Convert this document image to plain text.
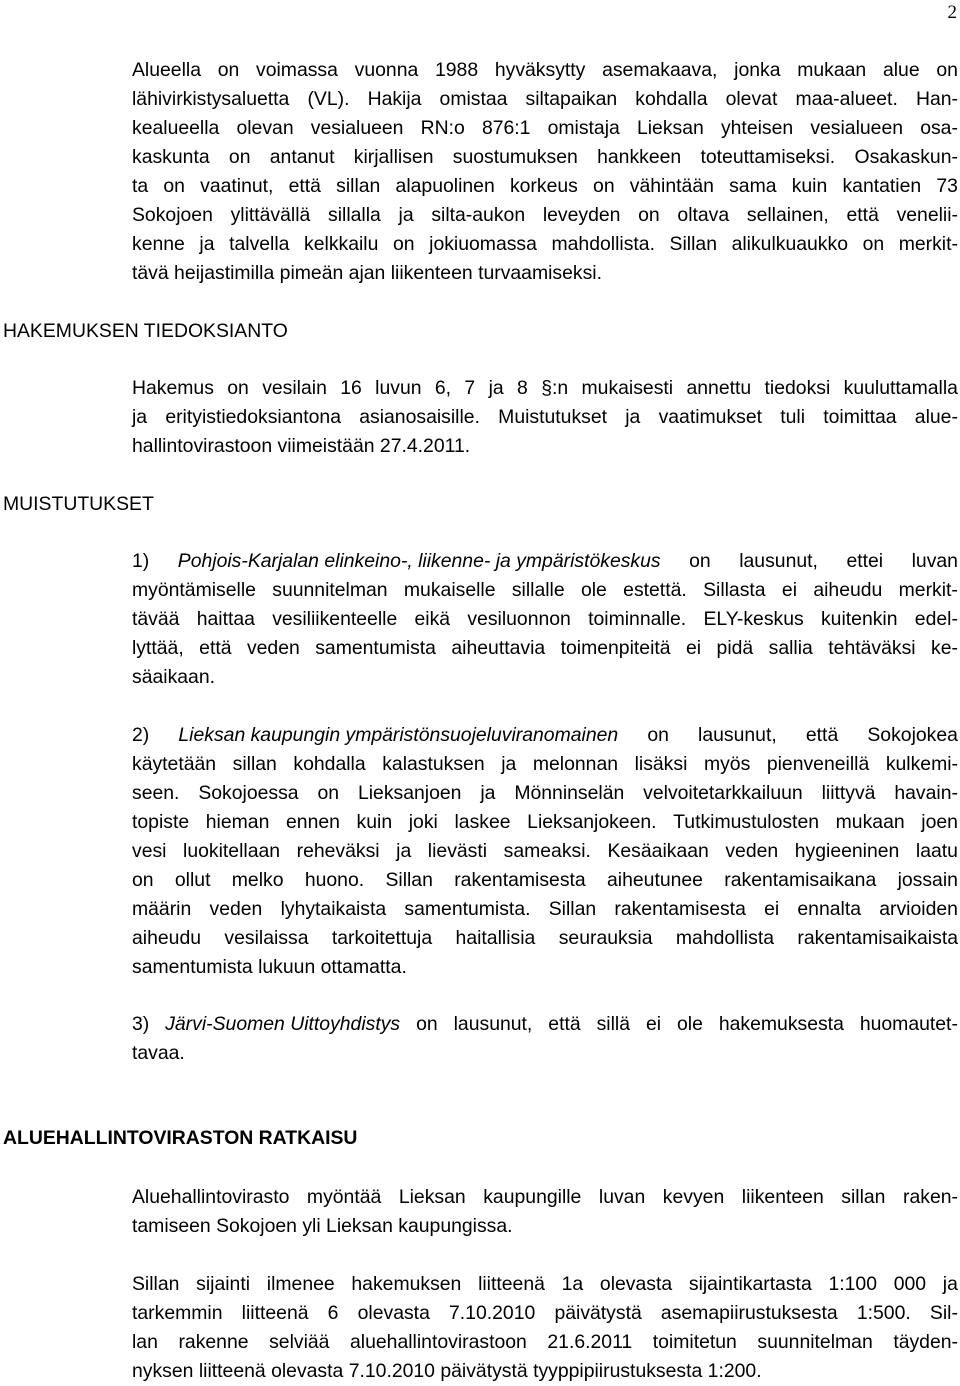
2
Alueella on voimassa vuonna 1988 hyväksytty asemakaava, jonka mukaan alue on
lähivirkistysaluetta (VL). Hakija omistaa siltapaikan kohdalla olevat maa-alueet. Han-
kealueella olevan vesialueen RN:o 876:1 omistaja Lieksan yhteisen vesialueen osa-
kaskunta on antanut kirjallisen suostumuksen hankkeen toteuttamiseksi. Osakaskun-
ta on vaatinut, että sillan alapuolinen korkeus on vähintään sama kuin kantatien 73
Sokojoen ylittävällä sillalla ja silta-aukon leveyden on oltava sellainen, että venelii-
kenne ja talvella kelkkailu on jokiuomassa mahdollista. Sillan alikulkuaukko on merkit-
tävä heijastimilla pimeän ajan liikenteen turvaamiseksi.
HAKEMUKSEN TIEDOKSIANTO
Hakemus on vesilain 16 luvun 6, 7 ja 8 §:n mukaisesti annettu tiedoksi kuuluttamalla
ja erityistiedoksiantona asianosaisille. Muistutukset ja vaatimukset tuli toimittaa alue-
hallintovirastoon viimeistään 27.4.2011.
MUISTUTUKSET
1) Pohjois-Karjalan elinkeino-, liikenne- ja ympäristökeskus on lausunut, ettei luvan
myöntämiselle suunnitelman mukaiselle sillalle ole estettä. Sillasta ei aiheudu merkit-
tävää haittaa vesiliikenteelle eikä vesiluonnon toiminnalle. ELY-keskus kuitenkin edel-
lyttää, että veden samentumista aiheuttavia toimenpiteitä ei pidä sallia tehtäväksi ke-
säaikaan.
2) Lieksan kaupungin ympäristönsuojeluviranomainen on lausunut, että Sokojokea
käytetään sillan kohdalla kalastuksen ja melonnan lisäksi myös pienveneillä kulkemi-
seen. Sokojoessa on Lieksanjoen ja Mönninselän velvoitetarkkailuun liittyvä havain-
topiste hieman ennen kuin joki laskee Lieksanjokeen. Tutkimustulosten mukaan joen
vesi luokitellaan reheväksi ja lievästi sameaksi. Kesäaikaan veden hygieeninen laatu
on ollut melko huono. Sillan rakentamisesta aiheutunee rakentamisaikana jossain
määrin veden lyhytaikaista samentumista. Sillan rakentamisesta ei ennalta arvioiden
aiheudu vesilaissa tarkoitettuja haitallisia seurauksia mahdollista rakentamisaikaista
samentumista lukuun ottamatta.
3) Järvi-Suomen Uittoyhdistys on lausunut, että sillä ei ole hakemuksesta huomautet-
tavaa.
ALUEHALLINTOVIRASTON RATKAISU
Aluehallintovirasto myöntää Lieksan kaupungille luvan kevyen liikenteen sillan raken-
tamiseen Sokojoen yli Lieksan kaupungissa.
Sillan sijainti ilmenee hakemuksen liitteenä 1a olevasta sijaintikartasta 1:100 000 ja
tarkemmin liitteenä 6 olevasta 7.10.2010 päivätystä asemapiirustuksesta 1:500. Sil-
lan rakenne selviää aluehallintovirastoon 21.6.2011 toimitetun suunnitelman täyden-
nyksen liitteenä olevasta 7.10.2010 päivätystä tyyppipiirustuksesta 1:200.
